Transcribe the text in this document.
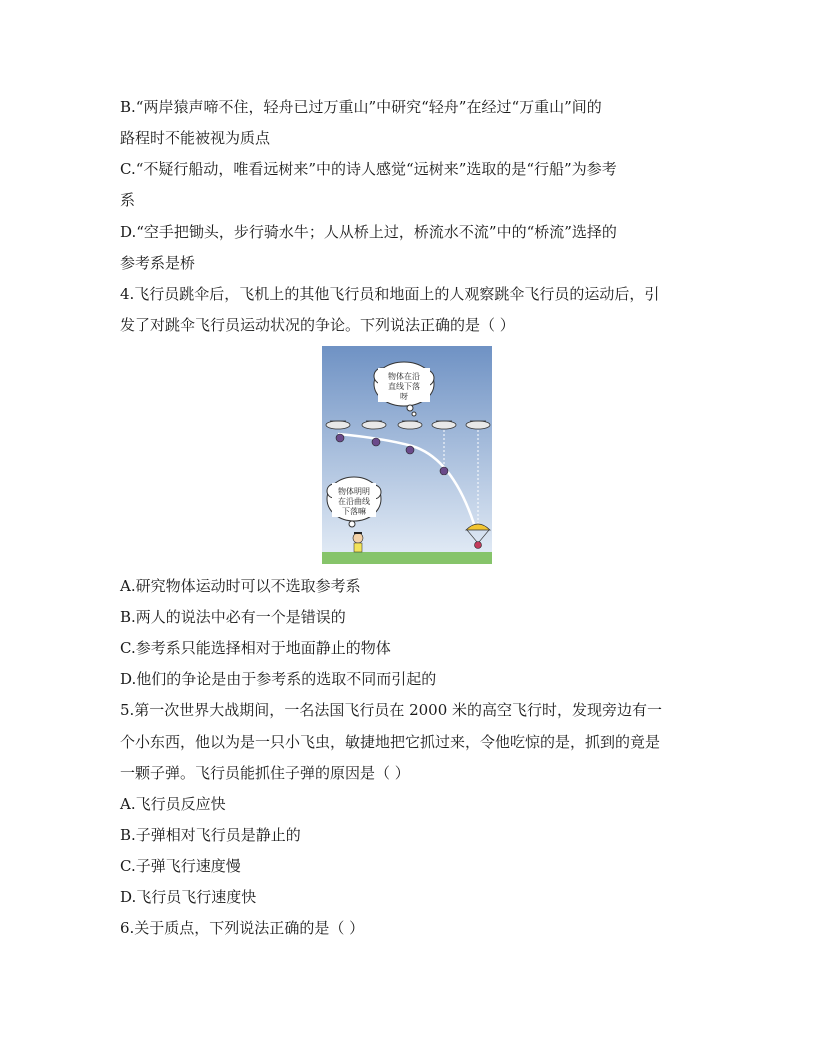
B.“两岸猿声啼不住，轻舟已过万重山”中研究“轻舟”在经过“万重山”间的
路程时不能被视为质点
C.“不疑行船动，唯看远树来”中的诗人感觉“远树来”选取的是“行船”为参考
系
D.“空手把锄头，步行骑水牛；人从桥上过，桥流水不流”中的“桥流”选择的
参考系是桥
4.飞行员跳伞后，飞机上的其他飞行员和地面上的人观察跳伞飞行员的运动后，引
发了对跳伞飞行员运动状况的争论。下列说法正确的是（ ）
物体在沿
直线下落
呀
物体明明
在沿曲线
下落嘛
A.研究物体运动时可以不选取参考系
B.两人的说法中必有一个是错误的
C.参考系只能选择相对于地面静止的物体
D.他们的争论是由于参考系的选取不同而引起的
5.第一次世界大战期间，一名法国飞行员在 2000 米的高空飞行时，发现旁边有一
个小东西，他以为是一只小飞虫，敏捷地把它抓过来，令他吃惊的是，抓到的竟是
一颗子弹。飞行员能抓住子弹的原因是（ ）
A.飞行员反应快
B.子弹相对飞行员是静止的
C.子弹飞行速度慢
D.飞行员飞行速度快
6.关于质点，下列说法正确的是（ ）
